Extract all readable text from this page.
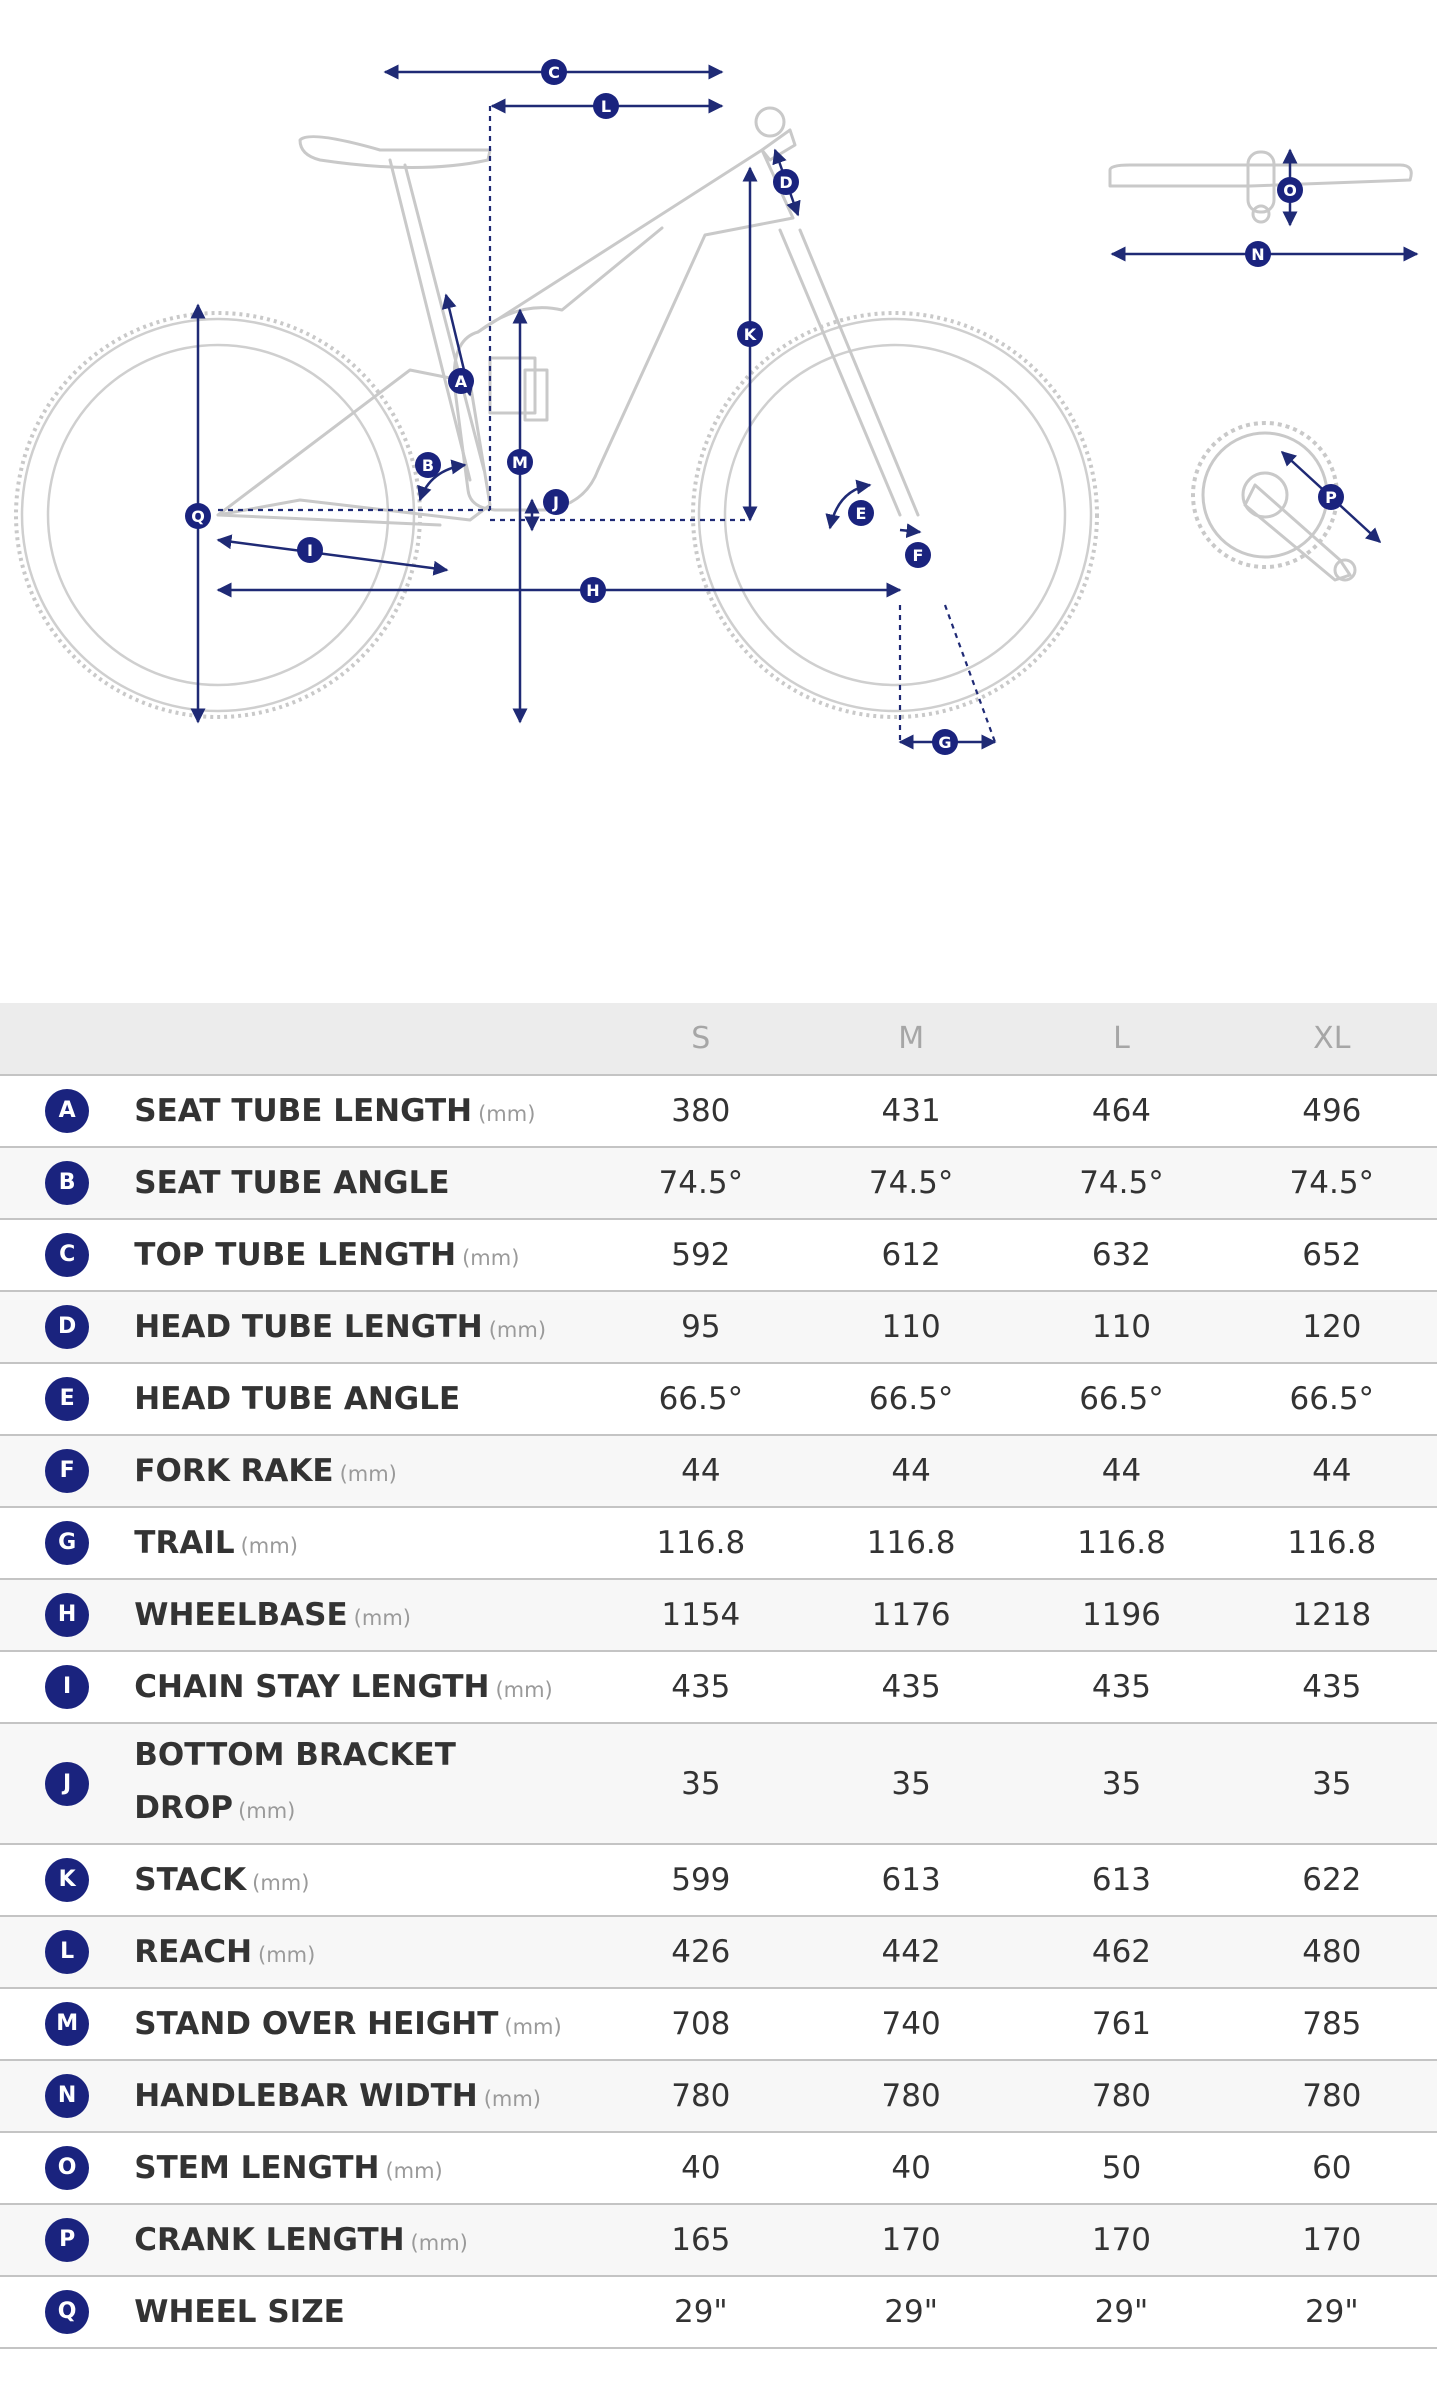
C
L
D
K
A
B	M
J
Q
I
H
E
F
G
O
N
P
		S	M	L	XL
A	SEAT TUBE LENGTH (mm)	380	431	464	496
B	SEAT TUBE ANGLE	74.5°	74.5°	74.5°	74.5°
C	TOP TUBE LENGTH (mm)	592	612	632	652
D	HEAD TUBE LENGTH (mm)	95	110	110	120
E	HEAD TUBE ANGLE	66.5°	66.5°	66.5°	66.5°
F	FORK RAKE (mm)	44	44	44	44
G	TRAIL (mm)	116.8	116.8	116.8	116.8
H	WHEELBASE (mm)	1154	1176	1196	1218
I	CHAIN STAY LENGTH (mm)	435	435	435	435
J	BOTTOM BRACKET DROP (mm)	35	35	35	35
K	STACK (mm)	599	613	613	622
L	REACH (mm)	426	442	462	480
M	STAND OVER HEIGHT (mm)	708	740	761	785
N	HANDLEBAR WIDTH (mm)	780	780	780	780
O	STEM LENGTH (mm)	40	40	50	60
P	CRANK LENGTH (mm)	165	170	170	170
Q	WHEEL SIZE	29"	29"	29"	29"
